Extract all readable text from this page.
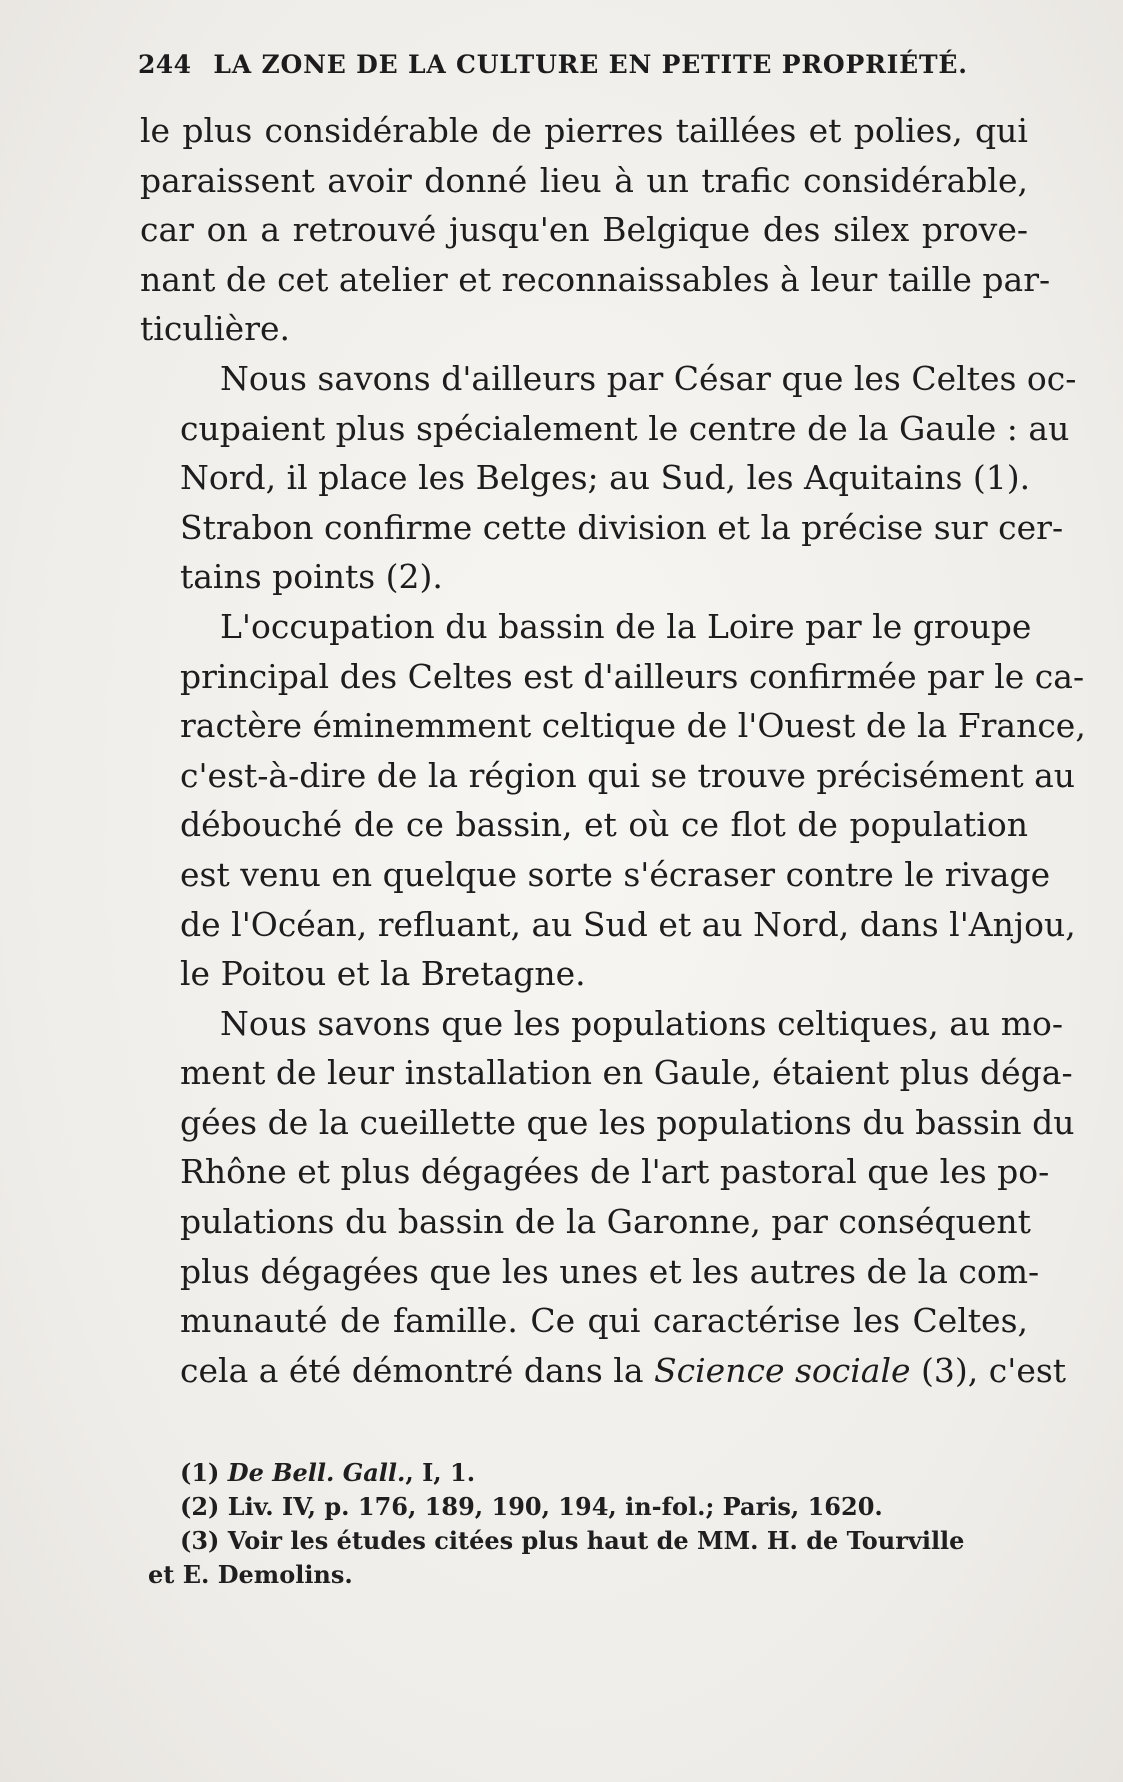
244 LA ZONE DE LA CULTURE EN PETITE PROPRIÉTÉ.

le plus considérable de pierres taillées et polies, qui
paraissent avoir donné lieu à un trafic considérable,
car on a retrouvé jusqu'en Belgique des silex prove-
nant de cet atelier et reconnaissables à leur taille par-
ticulière.

Nous savons d'ailleurs par César que les Celtes oc-
cupaient plus spécialement le centre de la Gaule : au
Nord, il place les Belges; au Sud, les Aquitains (1).
Strabon confirme cette division et la précise sur cer-
tains points (2).

L'occupation du bassin de la Loire par le groupe
principal des Celtes est d'ailleurs confirmée par le ca-
ractère éminemment celtique de l'Ouest de la France,
c'est-à-dire de la région qui se trouve précisément au
débouché de ce bassin, et où ce flot de population
est venu en quelque sorte s'écraser contre le rivage
de l'Océan, refluant, au Sud et au Nord, dans l'Anjou,
le Poitou et la Bretagne.

Nous savons que les populations celtiques, au mo-
ment de leur installation en Gaule, étaient plus déga-
gées de la cueillette que les populations du bassin du
Rhône et plus dégagées de l'art pastoral que les po-
pulations du bassin de la Garonne, par conséquent
plus dégagées que les unes et les autres de la com-
munauté de famille. Ce qui caractérise les Celtes,
cela a été démontré dans la Science sociale (3), c'est

(1) De Bell. Gall., I, 1.

(2) Liv. IV, p. 176, 189, 190, 194, in-fol.; Paris, 1620.

(3) Voir les études citées plus haut de MM. H. de Tourville

et E. Demolins.
